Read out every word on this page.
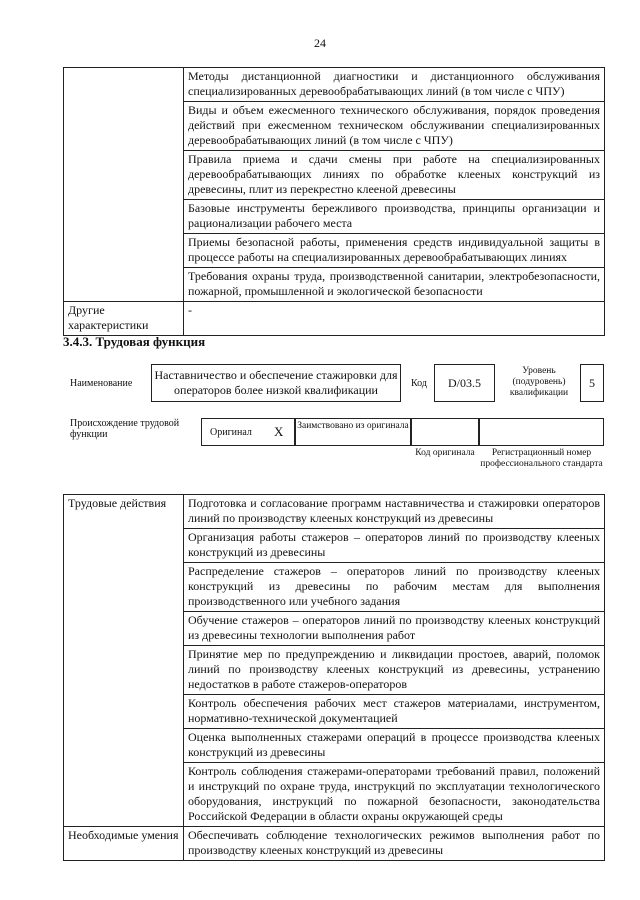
24
	Методы дистанционной диагностики и дистанционного обслуживания специализированных деревообрабатывающих линий (в том числе с ЧПУ)
	Виды и объем ежесменного технического обслуживания, порядок проведения действий при ежесменном техническом обслуживании специализированных деревообрабатывающих линий (в том числе с ЧПУ)
	Правила приема и сдачи смены при работе на специализированных деревообрабатывающих линиях по обработке клееных конструкций из древесины, плит из перекрестно клееной древесины
	Базовые инструменты бережливого производства, принципы организации и рационализации рабочего места
	Приемы безопасной работы, применения средств индивидуальной защиты в процессе работы на специализированных деревообрабатывающих линиях
	Требования охраны труда, производственной санитарии, электробезопасности, пожарной, промышленной и экологической безопасности
Другие характеристики	-
3.4.3. Трудовая функция
Наименование
Наставничество и обеспечение стажировки для операторов более низкой квалификации	Код	D/03.5
Уровень (подуровень) квалификации
5
Происхождение трудовой функции	Оригинал X Заимствовано из оригинала
Код оригинала	Регистрационный номер профессионального стандарта
Трудовые действия	Подготовка и согласование программ наставничества и стажировки операторов линий по производству клееных конструкций из древесины
	Организация работы стажеров – операторов линий по производству клееных конструкций из древесины
	Распределение стажеров – операторов линий по производству клееных конструкций из древесины по рабочим местам для выполнения производственного или учебного задания
	Обучение стажеров – операторов линий по производству клееных конструкций из древесины технологии выполнения работ
	Принятие мер по предупреждению и ликвидации простоев, аварий, поломок линий по производству клееных конструкций из древесины, устранению недостатков в работе стажеров-операторов
	Контроль обеспечения рабочих мест стажеров материалами, инструментом, нормативно-технической документацией
	Оценка выполненных стажерами операций в процессе производства клееных конструкций из древесины
	Контроль соблюдения стажерами-операторами требований правил, положений и инструкций по охране труда, инструкций по эксплуатации технологического оборудования, инструкций по пожарной безопасности, законодательства Российской Федерации в области охраны окружающей среды
Необходимые умения	Обеспечивать соблюдение технологических режимов выполнения работ по производству клееных конструкций из древесины
